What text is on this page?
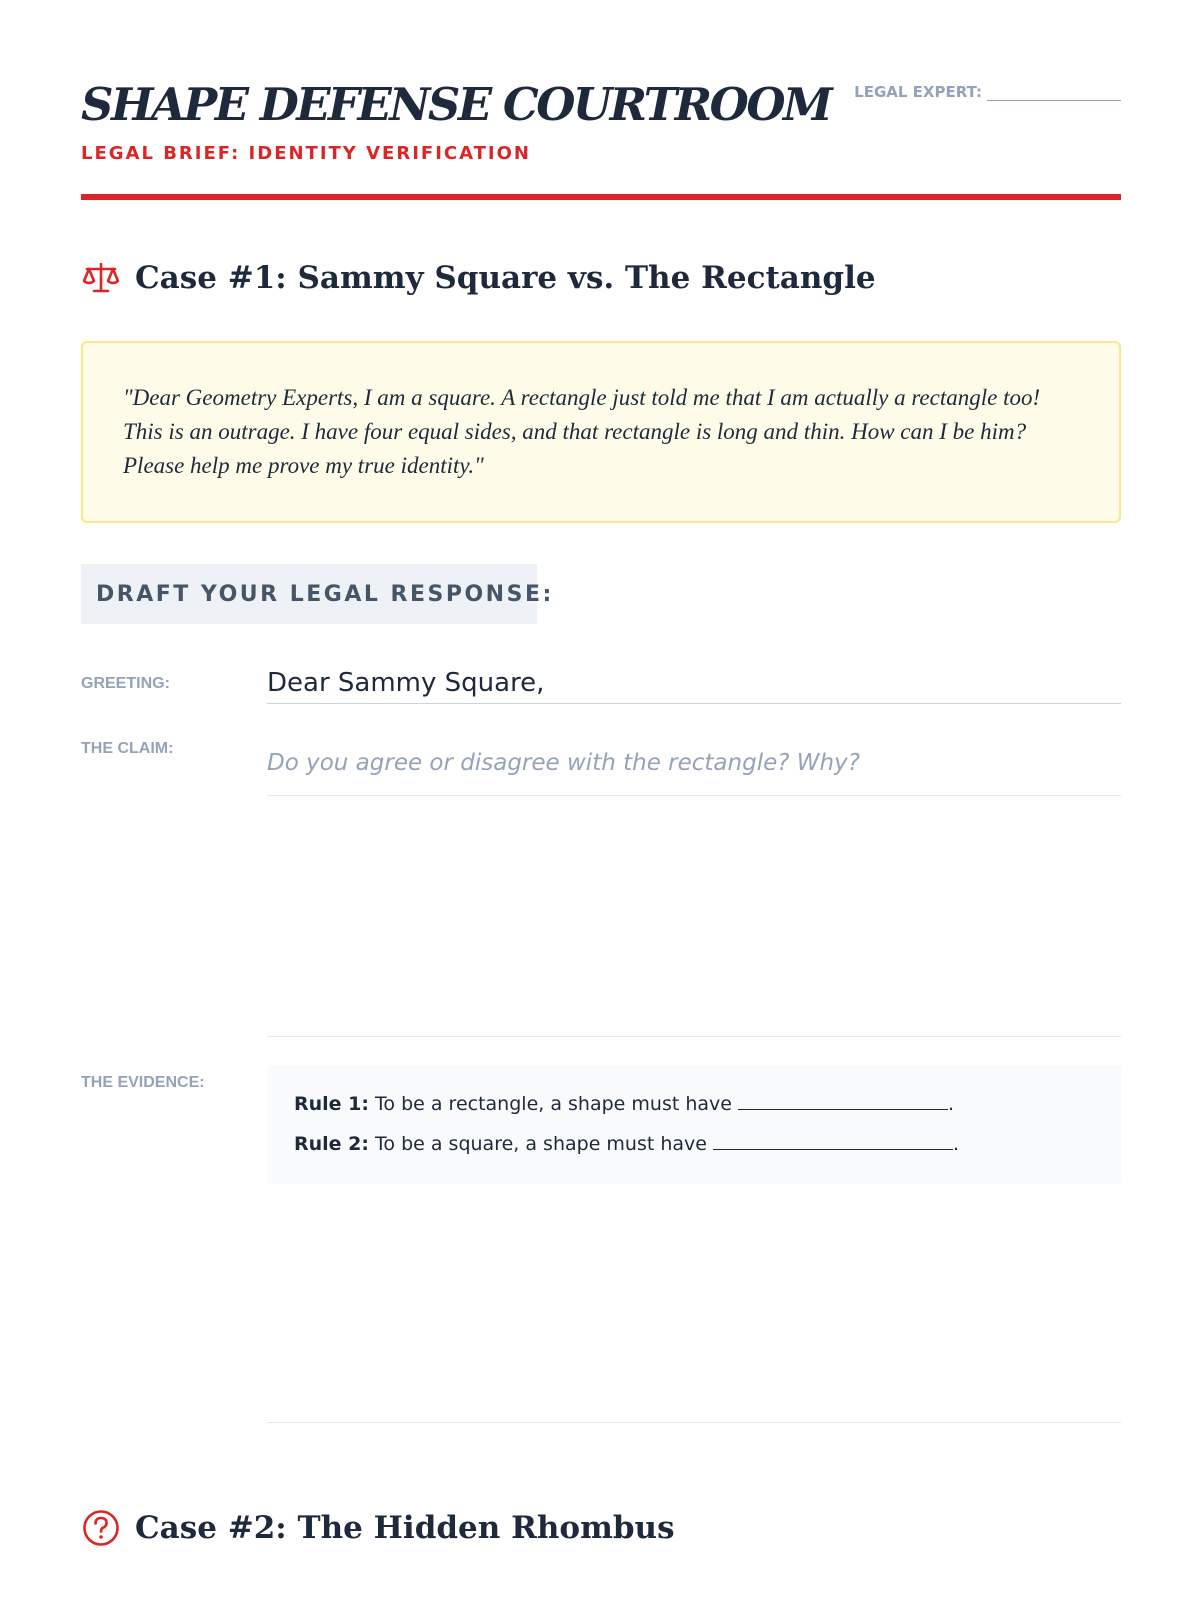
SHAPE DEFENSE COURTROOM
LEGAL BRIEF: IDENTITY VERIFICATION
LEGAL EXPERT:
Case #1: Sammy Square vs. The Rectangle
"Dear Geometry Experts, I am a square. A rectangle just told me that I am actually a rectangle too! This is an outrage. I have four equal sides, and that rectangle is long and thin. How can I be him? Please help me prove my true identity."
DRAFT YOUR LEGAL RESPONSE:
GREETING:	Dear Sammy Square,
THE CLAIM:
Do you agree or disagree with the rectangle? Why?
THE EVIDENCE:
Rule 1: To be a rectangle, a shape must have	.
Rule 2: To be a square, a shape must have	.
Case #2: The Hidden Rhombus
